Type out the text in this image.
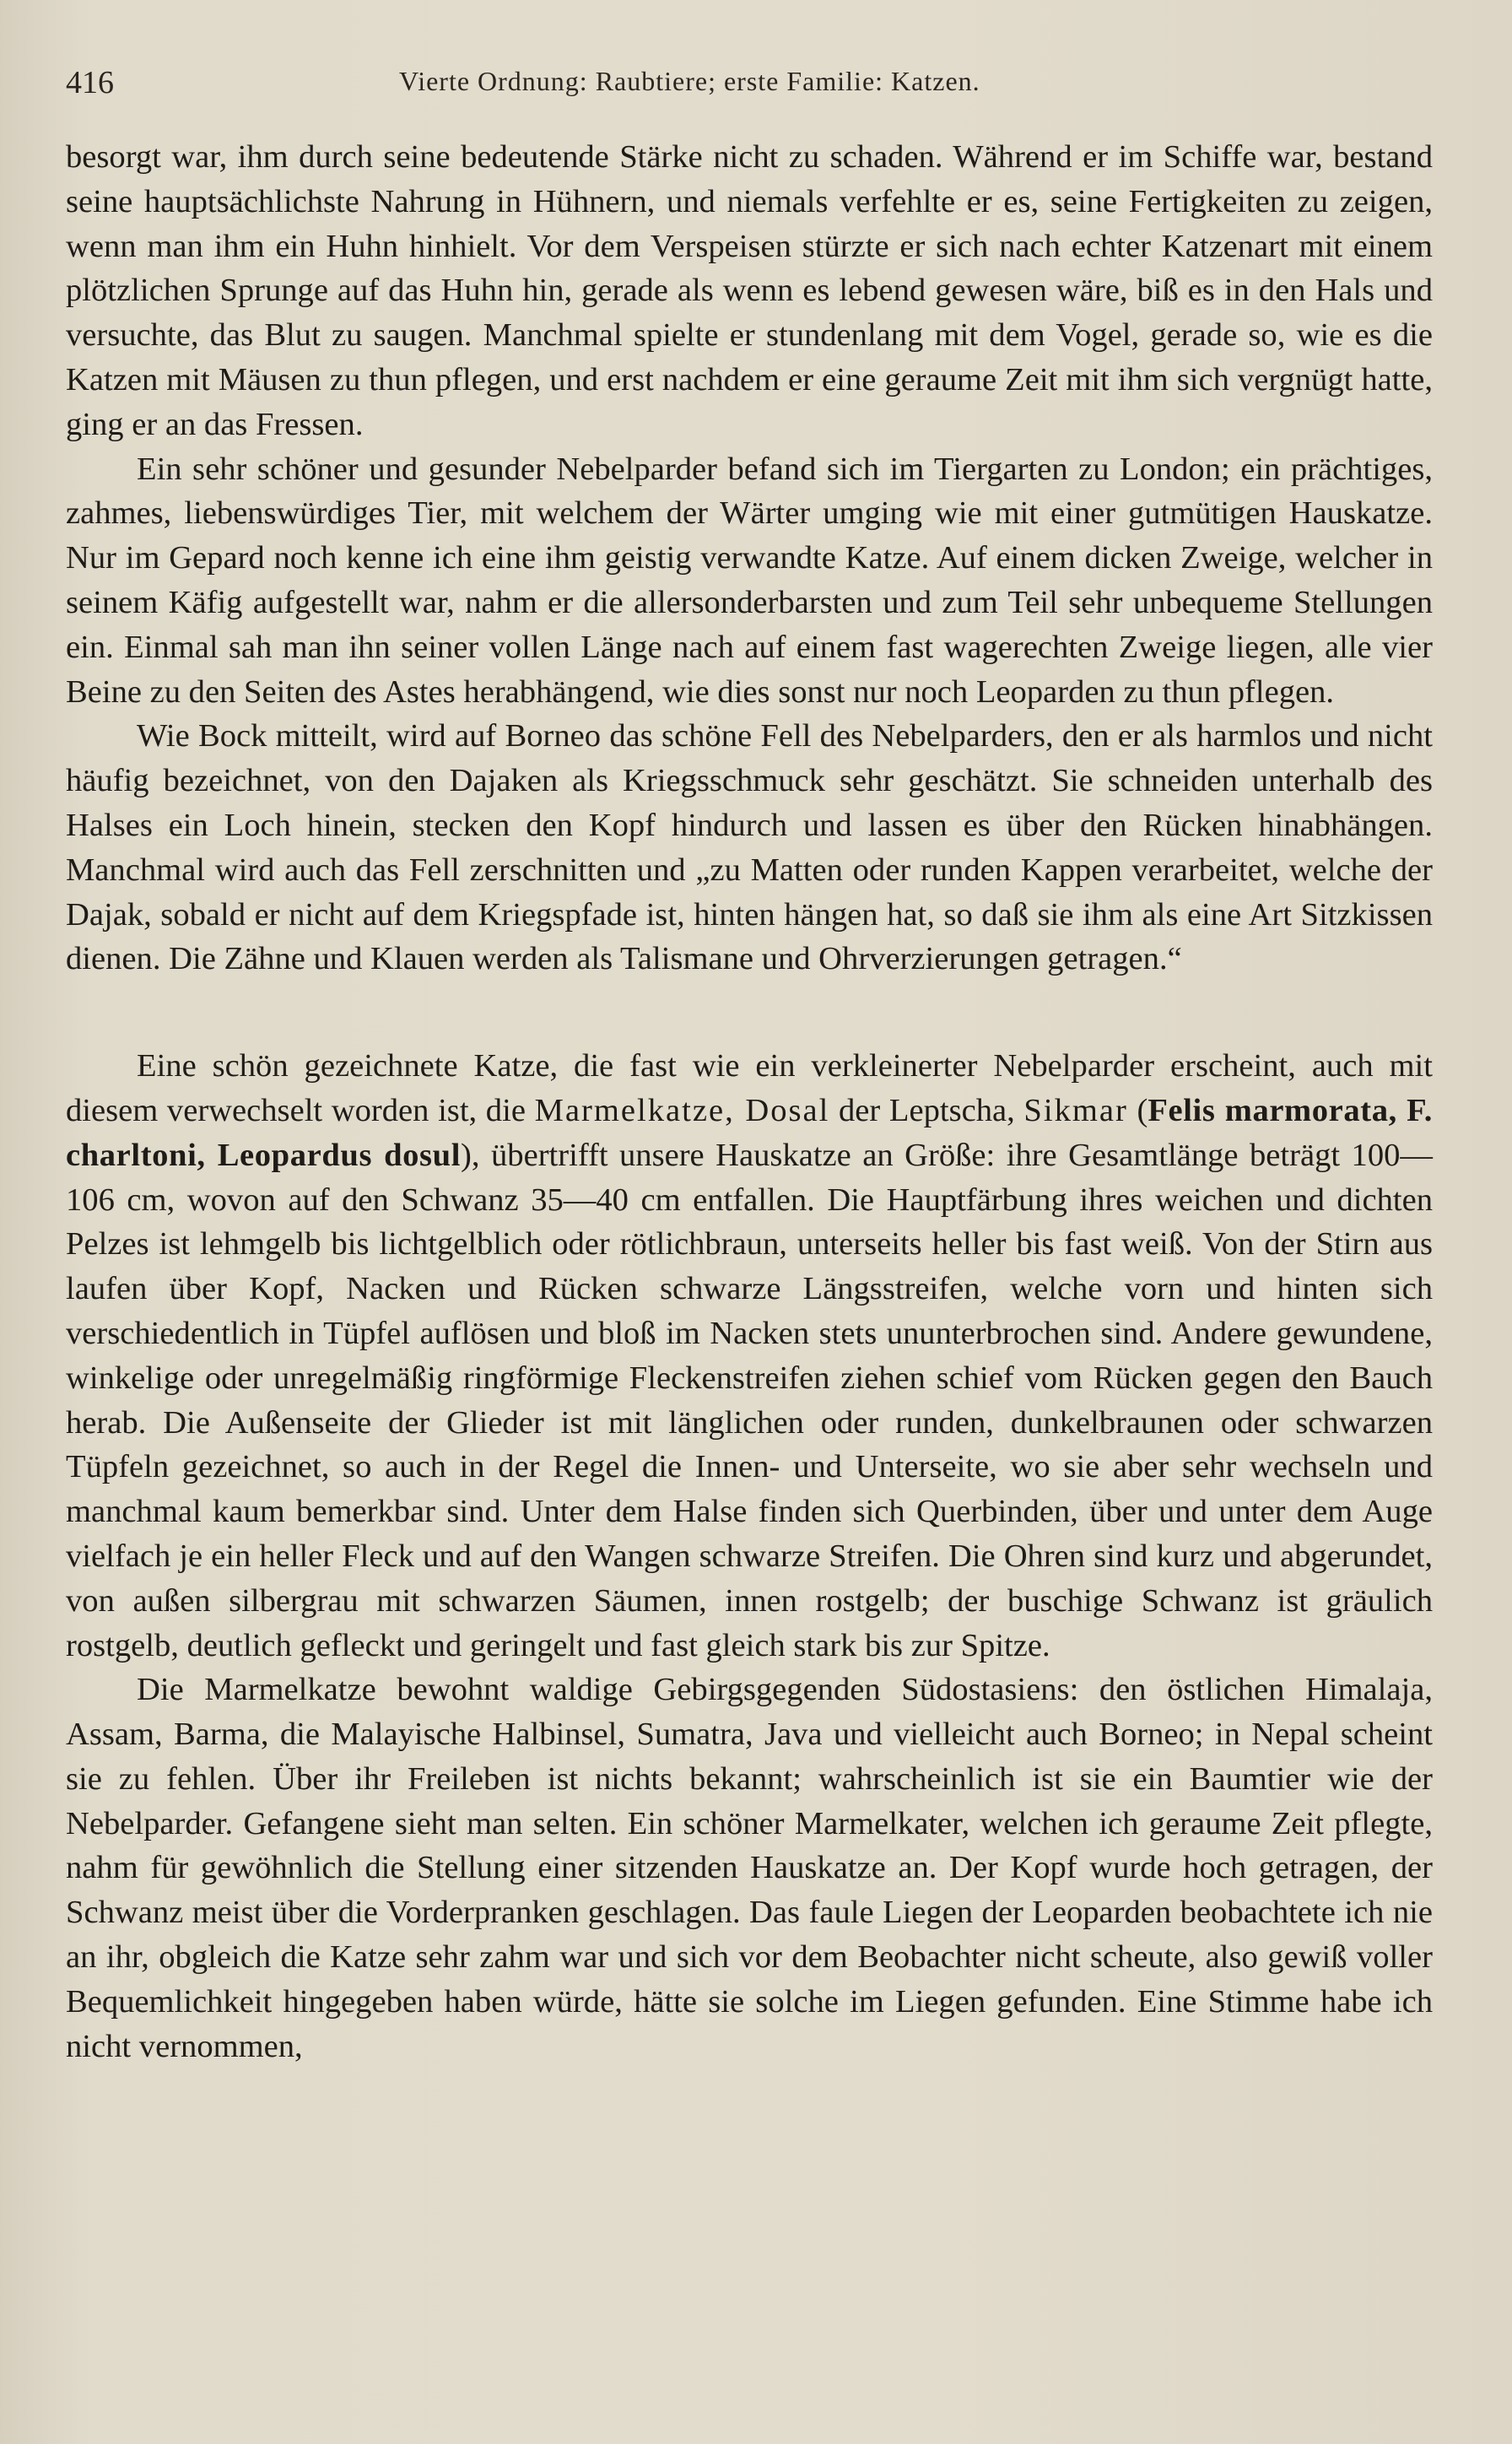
416	Vierte Ordnung: Raubtiere; erste Familie: Katzen.

besorgt war, ihm durch seine bedeutende Stärke nicht zu schaden. Während er im Schiffe war, bestand seine hauptsächlichste Nahrung in Hühnern, und niemals verfehlte er es, seine Fertigkeiten zu zeigen, wenn man ihm ein Huhn hinhielt. Vor dem Verspeisen stürzte er sich nach echter Katzenart mit einem plötzlichen Sprunge auf das Huhn hin, gerade als wenn es lebend gewesen wäre, biß es in den Hals und versuchte, das Blut zu saugen. Manchmal spielte er stundenlang mit dem Vogel, gerade so, wie es die Katzen mit Mäusen zu thun pflegen, und erst nachdem er eine geraume Zeit mit ihm sich vergnügt hatte, ging er an das Fressen.

Ein sehr schöner und gesunder Nebelparder befand sich im Tiergarten zu London; ein prächtiges, zahmes, liebenswürdiges Tier, mit welchem der Wärter umging wie mit einer gutmütigen Hauskatze. Nur im Gepard noch kenne ich eine ihm geistig verwandte Katze. Auf einem dicken Zweige, welcher in seinem Käfig aufgestellt war, nahm er die allersonderbarsten und zum Teil sehr unbequeme Stellungen ein. Einmal sah man ihn seiner vollen Länge nach auf einem fast wagerechten Zweige liegen, alle vier Beine zu den Seiten des Astes herabhängend, wie dies sonst nur noch Leoparden zu thun pflegen.

Wie Bock mitteilt, wird auf Borneo das schöne Fell des Nebelparders, den er als harmlos und nicht häufig bezeichnet, von den Dajaken als Kriegsschmuck sehr geschätzt. Sie schneiden unterhalb des Halses ein Loch hinein, stecken den Kopf hindurch und lassen es über den Rücken hinabhängen. Manchmal wird auch das Fell zerschnitten und „zu Matten oder runden Kappen verarbeitet, welche der Dajak, sobald er nicht auf dem Kriegspfade ist, hinten hängen hat, so daß sie ihm als eine Art Sitzkissen dienen. Die Zähne und Klauen werden als Talismane und Ohrverzierungen getragen.“

Eine schön gezeichnete Katze, die fast wie ein verkleinerter Nebelparder erscheint, auch mit diesem verwechselt worden ist, die Marmelkatze, Dosal der Leptscha, Sikmar (Felis marmorata, F. charltoni, Leopardus dosul), übertrifft unsere Hauskatze an Größe: ihre Gesamtlänge beträgt 100—106 cm, wovon auf den Schwanz 35—40 cm entfallen. Die Hauptfärbung ihres weichen und dichten Pelzes ist lehmgelb bis lichtgelblich oder rötlichbraun, unterseits heller bis fast weiß. Von der Stirn aus laufen über Kopf, Nacken und Rücken schwarze Längsstreifen, welche vorn und hinten sich verschiedentlich in Tüpfel auflösen und bloß im Nacken stets ununterbrochen sind. Andere gewundene, winkelige oder unregelmäßig ringförmige Fleckenstreifen ziehen schief vom Rücken gegen den Bauch herab. Die Außenseite der Glieder ist mit länglichen oder runden, dunkelbraunen oder schwarzen Tüpfeln gezeichnet, so auch in der Regel die Innen- und Unterseite, wo sie aber sehr wechseln und manchmal kaum bemerkbar sind. Unter dem Halse finden sich Querbinden, über und unter dem Auge vielfach je ein heller Fleck und auf den Wangen schwarze Streifen. Die Ohren sind kurz und abgerundet, von außen silbergrau mit schwarzen Säumen, innen rostgelb; der buschige Schwanz ist gräulich rostgelb, deutlich gefleckt und geringelt und fast gleich stark bis zur Spitze.

Die Marmelkatze bewohnt waldige Gebirgsgegenden Südostasiens: den östlichen Himalaja, Assam, Barma, die Malayische Halbinsel, Sumatra, Java und vielleicht auch Borneo; in Nepal scheint sie zu fehlen. Über ihr Freileben ist nichts bekannt; wahrscheinlich ist sie ein Baumtier wie der Nebelparder. Gefangene sieht man selten. Ein schöner Marmelkater, welchen ich geraume Zeit pflegte, nahm für gewöhnlich die Stellung einer sitzenden Hauskatze an. Der Kopf wurde hoch getragen, der Schwanz meist über die Vorderpranken geschlagen. Das faule Liegen der Leoparden beobachtete ich nie an ihr, obgleich die Katze sehr zahm war und sich vor dem Beobachter nicht scheute, also gewiß voller Bequemlichkeit hingegeben haben würde, hätte sie solche im Liegen gefunden. Eine Stimme habe ich nicht vernommen,
